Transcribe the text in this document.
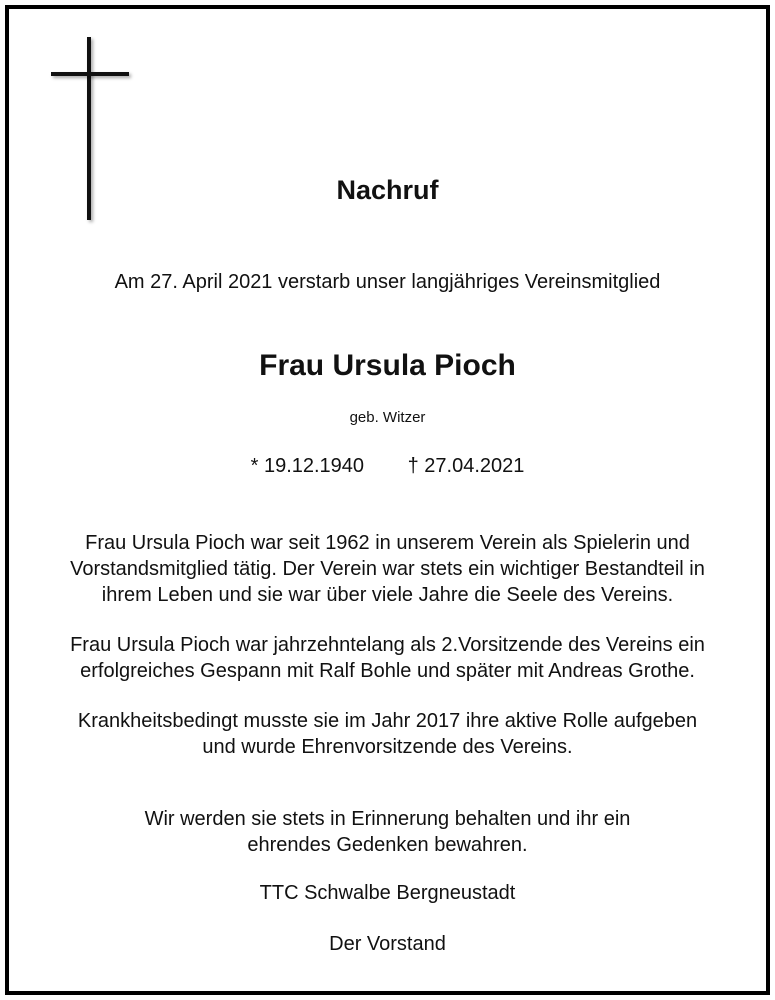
Nachruf
Am 27. April 2021 verstarb unser langjähriges Vereinsmitglied
Frau Ursula Pioch
geb. Witzer
* 19.12.1940 † 27.04.2021
Frau Ursula Pioch war seit 1962 in unserem Verein als Spielerin und
Vorstandsmitglied tätig. Der Verein war stets ein wichtiger Bestandteil in
ihrem Leben und sie war über viele Jahre die Seele des Vereins.
Frau Ursula Pioch war jahrzehntelang als 2.Vorsitzende des Vereins ein
erfolgreiches Gespann mit Ralf Bohle und später mit Andreas Grothe.
Krankheitsbedingt musste sie im Jahr 2017 ihre aktive Rolle aufgeben
und wurde Ehrenvorsitzende des Vereins.
Wir werden sie stets in Erinnerung behalten und ihr ein
ehrendes Gedenken bewahren.
TTC Schwalbe Bergneustadt
Der Vorstand
